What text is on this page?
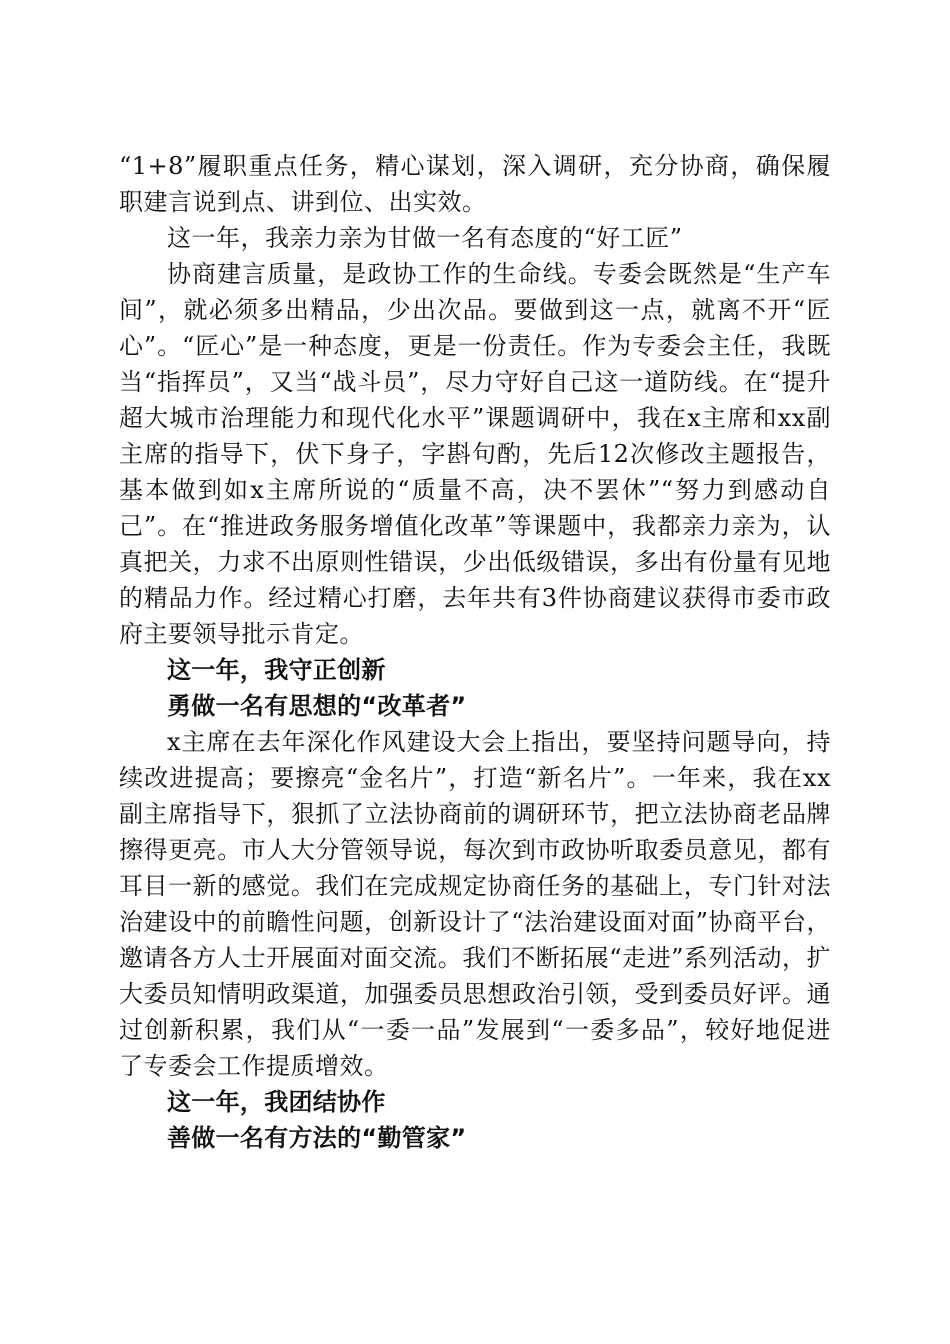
“1+8”履职重点任务，精心谋划，深入调研，充分协商，确保履职建言说到点、讲到位、出实效。

这一年，我亲力亲为甘做一名有态度的“好工匠”

协商建言质量，是政协工作的生命线。专委会既然是“生产车间”，就必须多出精品，少出次品。要做到这一点，就离不开“匠心”。“匠心”是一种态度，更是一份责任。作为专委会主任，我既当“指挥员”，又当“战斗员”，尽力守好自己这一道防线。在“提升超大城市治理能力和现代化水平”课题调研中，我在x主席和xx副主席的指导下，伏下身子，字斟句酌，先后12次修改主题报告，基本做到如x主席所说的“质量不高，决不罢休”“努力到感动自己”。在“推进政务服务增值化改革”等课题中，我都亲力亲为，认真把关，力求不出原则性错误，少出低级错误，多出有份量有见地的精品力作。经过精心打磨，去年共有3件协商建议获得市委市政府主要领导批示肯定。

这一年，我守正创新

勇做一名有思想的“改革者”

x主席在去年深化作风建设大会上指出，要坚持问题导向，持续改进提高；要擦亮“金名片”，打造“新名片”。一年来，我在xx副主席指导下，狠抓了立法协商前的调研环节，把立法协商老品牌擦得更亮。市人大分管领导说，每次到市政协听取委员意见，都有耳目一新的感觉。我们在完成规定协商任务的基础上，专门针对法治建设中的前瞻性问题，创新设计了“法治建设面对面”协商平台，邀请各方人士开展面对面交流。我们不断拓展“走进”系列活动，扩大委员知情明政渠道，加强委员思想政治引领，受到委员好评。通过创新积累，我们从“一委一品”发展到“一委多品”，较好地促进了专委会工作提质增效。

这一年，我团结协作

善做一名有方法的“勤管家”
